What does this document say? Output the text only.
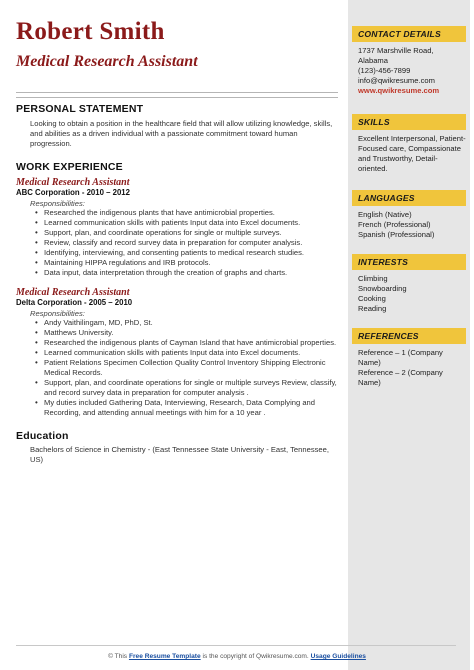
Robert Smith
Medical Research Assistant
PERSONAL STATEMENT
Looking to obtain a position in the healthcare field that will allow utilizing knowledge, skills, and abilities as a driven individual with a passionate commitment toward human progression.
WORK EXPERIENCE
Medical Research Assistant
ABC Corporation - 2010 – 2012
Responsibilities:
• Researched the indigenous plants that have antimicrobial properties.
• Learned communication skills with patients Input data into Excel documents.
• Support, plan, and coordinate operations for single or multiple surveys.
• Review, classify and record survey data in preparation for computer analysis.
• Identifying, interviewing, and consenting patients to medical research studies.
• Maintaining HIPPA regulations and IRB protocols.
• Data input, data interpretation through the creation of graphs and charts.
Medical Research Assistant
Delta Corporation - 2005 – 2010
Responsibilities:
• Andy Vaithilingam, MD, PhD, St.
• Matthews University.
• Researched the indigenous plants of Cayman Island that have antimicrobial properties.
• Learned communication skills with patients Input data into Excel documents.
• Patient Relations Specimen Collection Quality Control Inventory Shipping Electronic Medical Records.
• Support, plan, and coordinate operations for single or multiple surveys Review, classify, and record survey data in preparation for computer analysis .
• My duties included Gathering Data, Interviewing, Research, Data Complying and Recording, and attending annual meetings with him for a 10 year .
Education
Bachelors of Science in Chemistry - (East Tennessee State University - East, Tennessee, US)
CONTACT DETAILS
1737 Marshville Road,
Alabama
(123)-456-7899
info@qwikresume.com
www.qwikresume.com
SKILLS
Excellent Interpersonal, Patient-Focused care, Compassionate and Trustworthy, Detail-oriented.
LANGUAGES
English (Native)
French (Professional)
Spanish (Professional)
INTERESTS
Climbing
Snowboarding
Cooking
Reading
REFERENCES
Reference – 1 (Company Name)
Reference – 2 (Company Name)
© This Free Resume Template is the copyright of Qwikresume.com. Usage Guidelines
